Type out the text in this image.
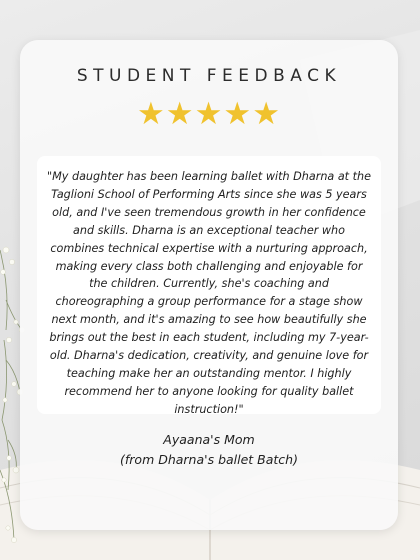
STUDENT FEEDBACK
★★★★★

"My daughter has been learning ballet with Dharna at the Taglioni School of Performing Arts since she was 5 years old, and I've seen tremendous growth in her confidence and skills. Dharna is an exceptional teacher who combines technical expertise with a nurturing approach, making every class both challenging and enjoyable for the children. Currently, she's coaching and choreographing a group performance for a stage show next month, and it's amazing to see how beautifully she brings out the best in each student, including my 7-year-old. Dharna's dedication, creativity, and genuine love for teaching make her an outstanding mentor. I highly recommend her to anyone looking for quality ballet instruction!"

Ayaana's Mom
(from Dharna's ballet Batch)
